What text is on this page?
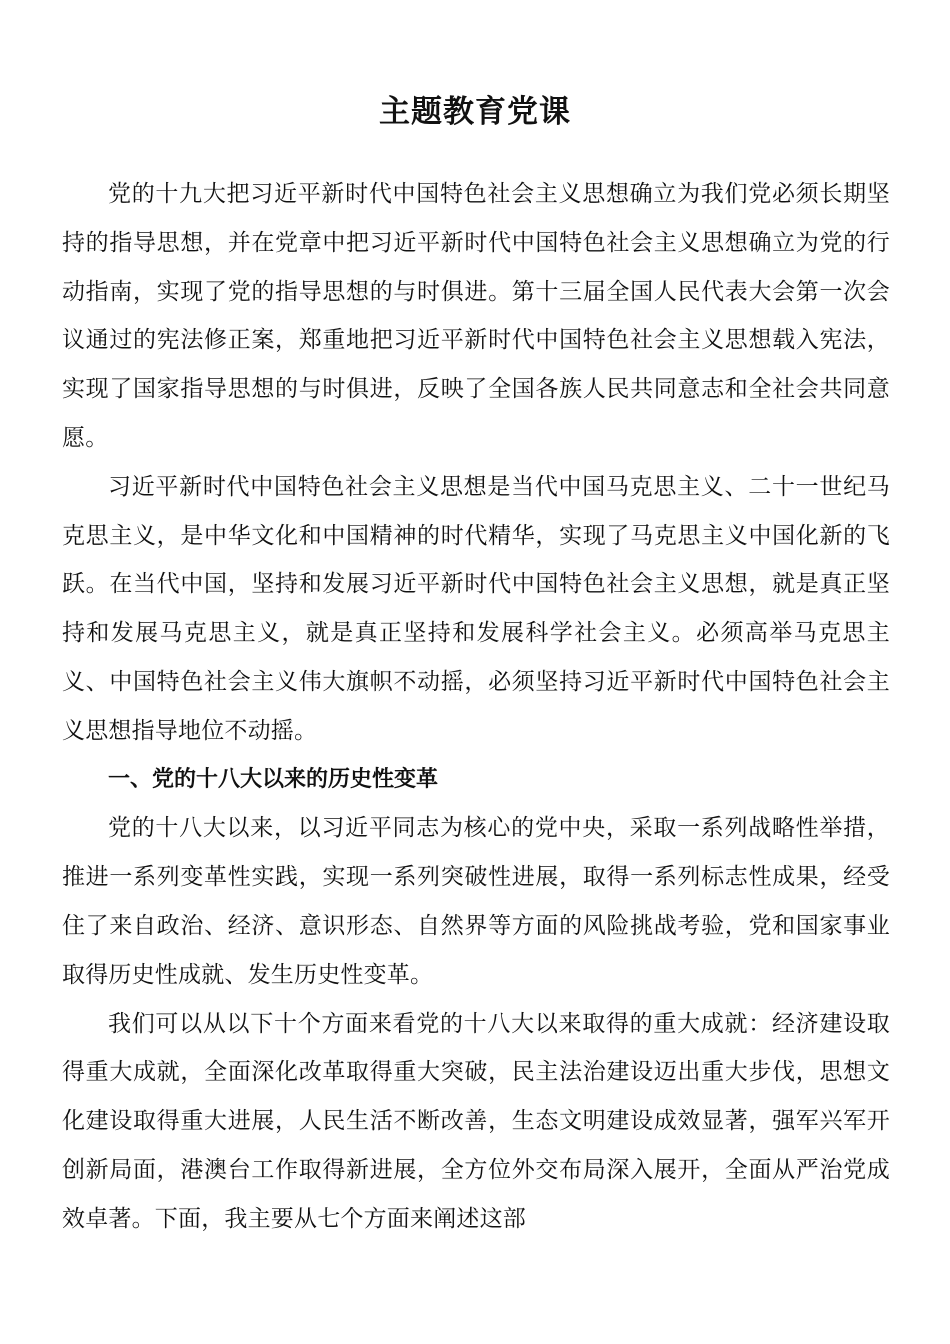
主题教育党课

党的十九大把习近平新时代中国特色社会主义思想确立为我们党必须长期坚持的指导思想，并在党章中把习近平新时代中国特色社会主义思想确立为党的行动指南，实现了党的指导思想的与时俱进。第十三届全国人民代表大会第一次会议通过的宪法修正案，郑重地把习近平新时代中国特色社会主义思想载入宪法，实现了国家指导思想的与时俱进，反映了全国各族人民共同意志和全社会共同意愿。

习近平新时代中国特色社会主义思想是当代中国马克思主义、二十一世纪马克思主义，是中华文化和中国精神的时代精华，实现了马克思主义中国化新的飞跃。在当代中国，坚持和发展习近平新时代中国特色社会主义思想，就是真正坚持和发展马克思主义，就是真正坚持和发展科学社会主义。必须高举马克思主义、中国特色社会主义伟大旗帜不动摇，必须坚持习近平新时代中国特色社会主义思想指导地位不动摇。

一、党的十八大以来的历史性变革

党的十八大以来，以习近平同志为核心的党中央，采取一系列战略性举措，推进一系列变革性实践，实现一系列突破性进展，取得一系列标志性成果，经受住了来自政治、经济、意识形态、自然界等方面的风险挑战考验，党和国家事业取得历史性成就、发生历史性变革。

我们可以从以下十个方面来看党的十八大以来取得的重大成就：经济建设取得重大成就，全面深化改革取得重大突破，民主法治建设迈出重大步伐，思想文化建设取得重大进展，人民生活不断改善，生态文明建设成效显著，强军兴军开创新局面，港澳台工作取得新进展，全方位外交布局深入展开，全面从严治党成效卓著。下面，我主要从七个方面来阐述这部
